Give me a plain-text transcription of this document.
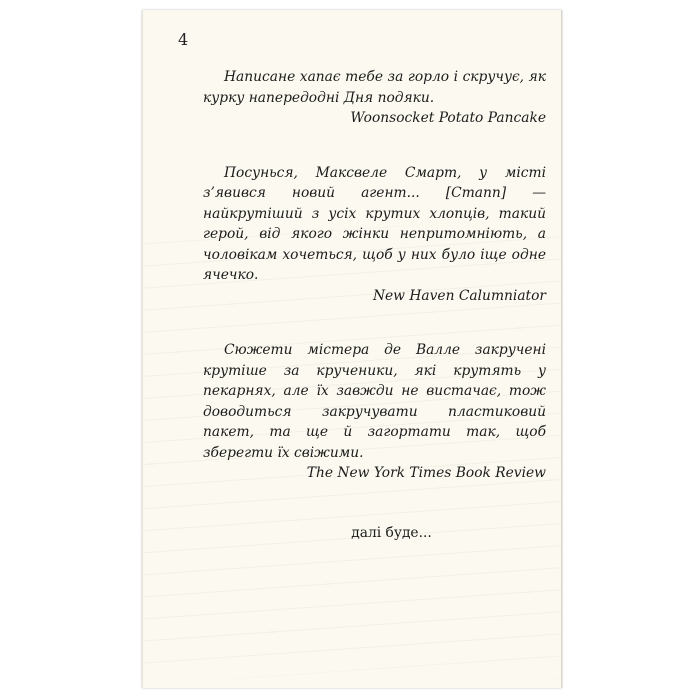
4

Написане хапає тебе за горло і скручує, як курку напередодні Дня подяки.

Woonsocket Potato Pancake

Посунься, Максвеле Смарт, у місті з’явився новий агент... [Стапп] — найкрутіший з усіх крутих хлопців, такий герой, від якого жінки непритомніють, а чоловікам хочеться, щоб у них було іще одне ячечко.

New Haven Calumniator

Сюжети містера де Валле закручені крутіше за крученики, які крутять у пекарнях, але їх завжди не вистачає, тож доводиться закручувати пластиковий пакет, та ще й загортати так, щоб зберегти їх свіжими.

The New York Times Book Review

далі буде...
